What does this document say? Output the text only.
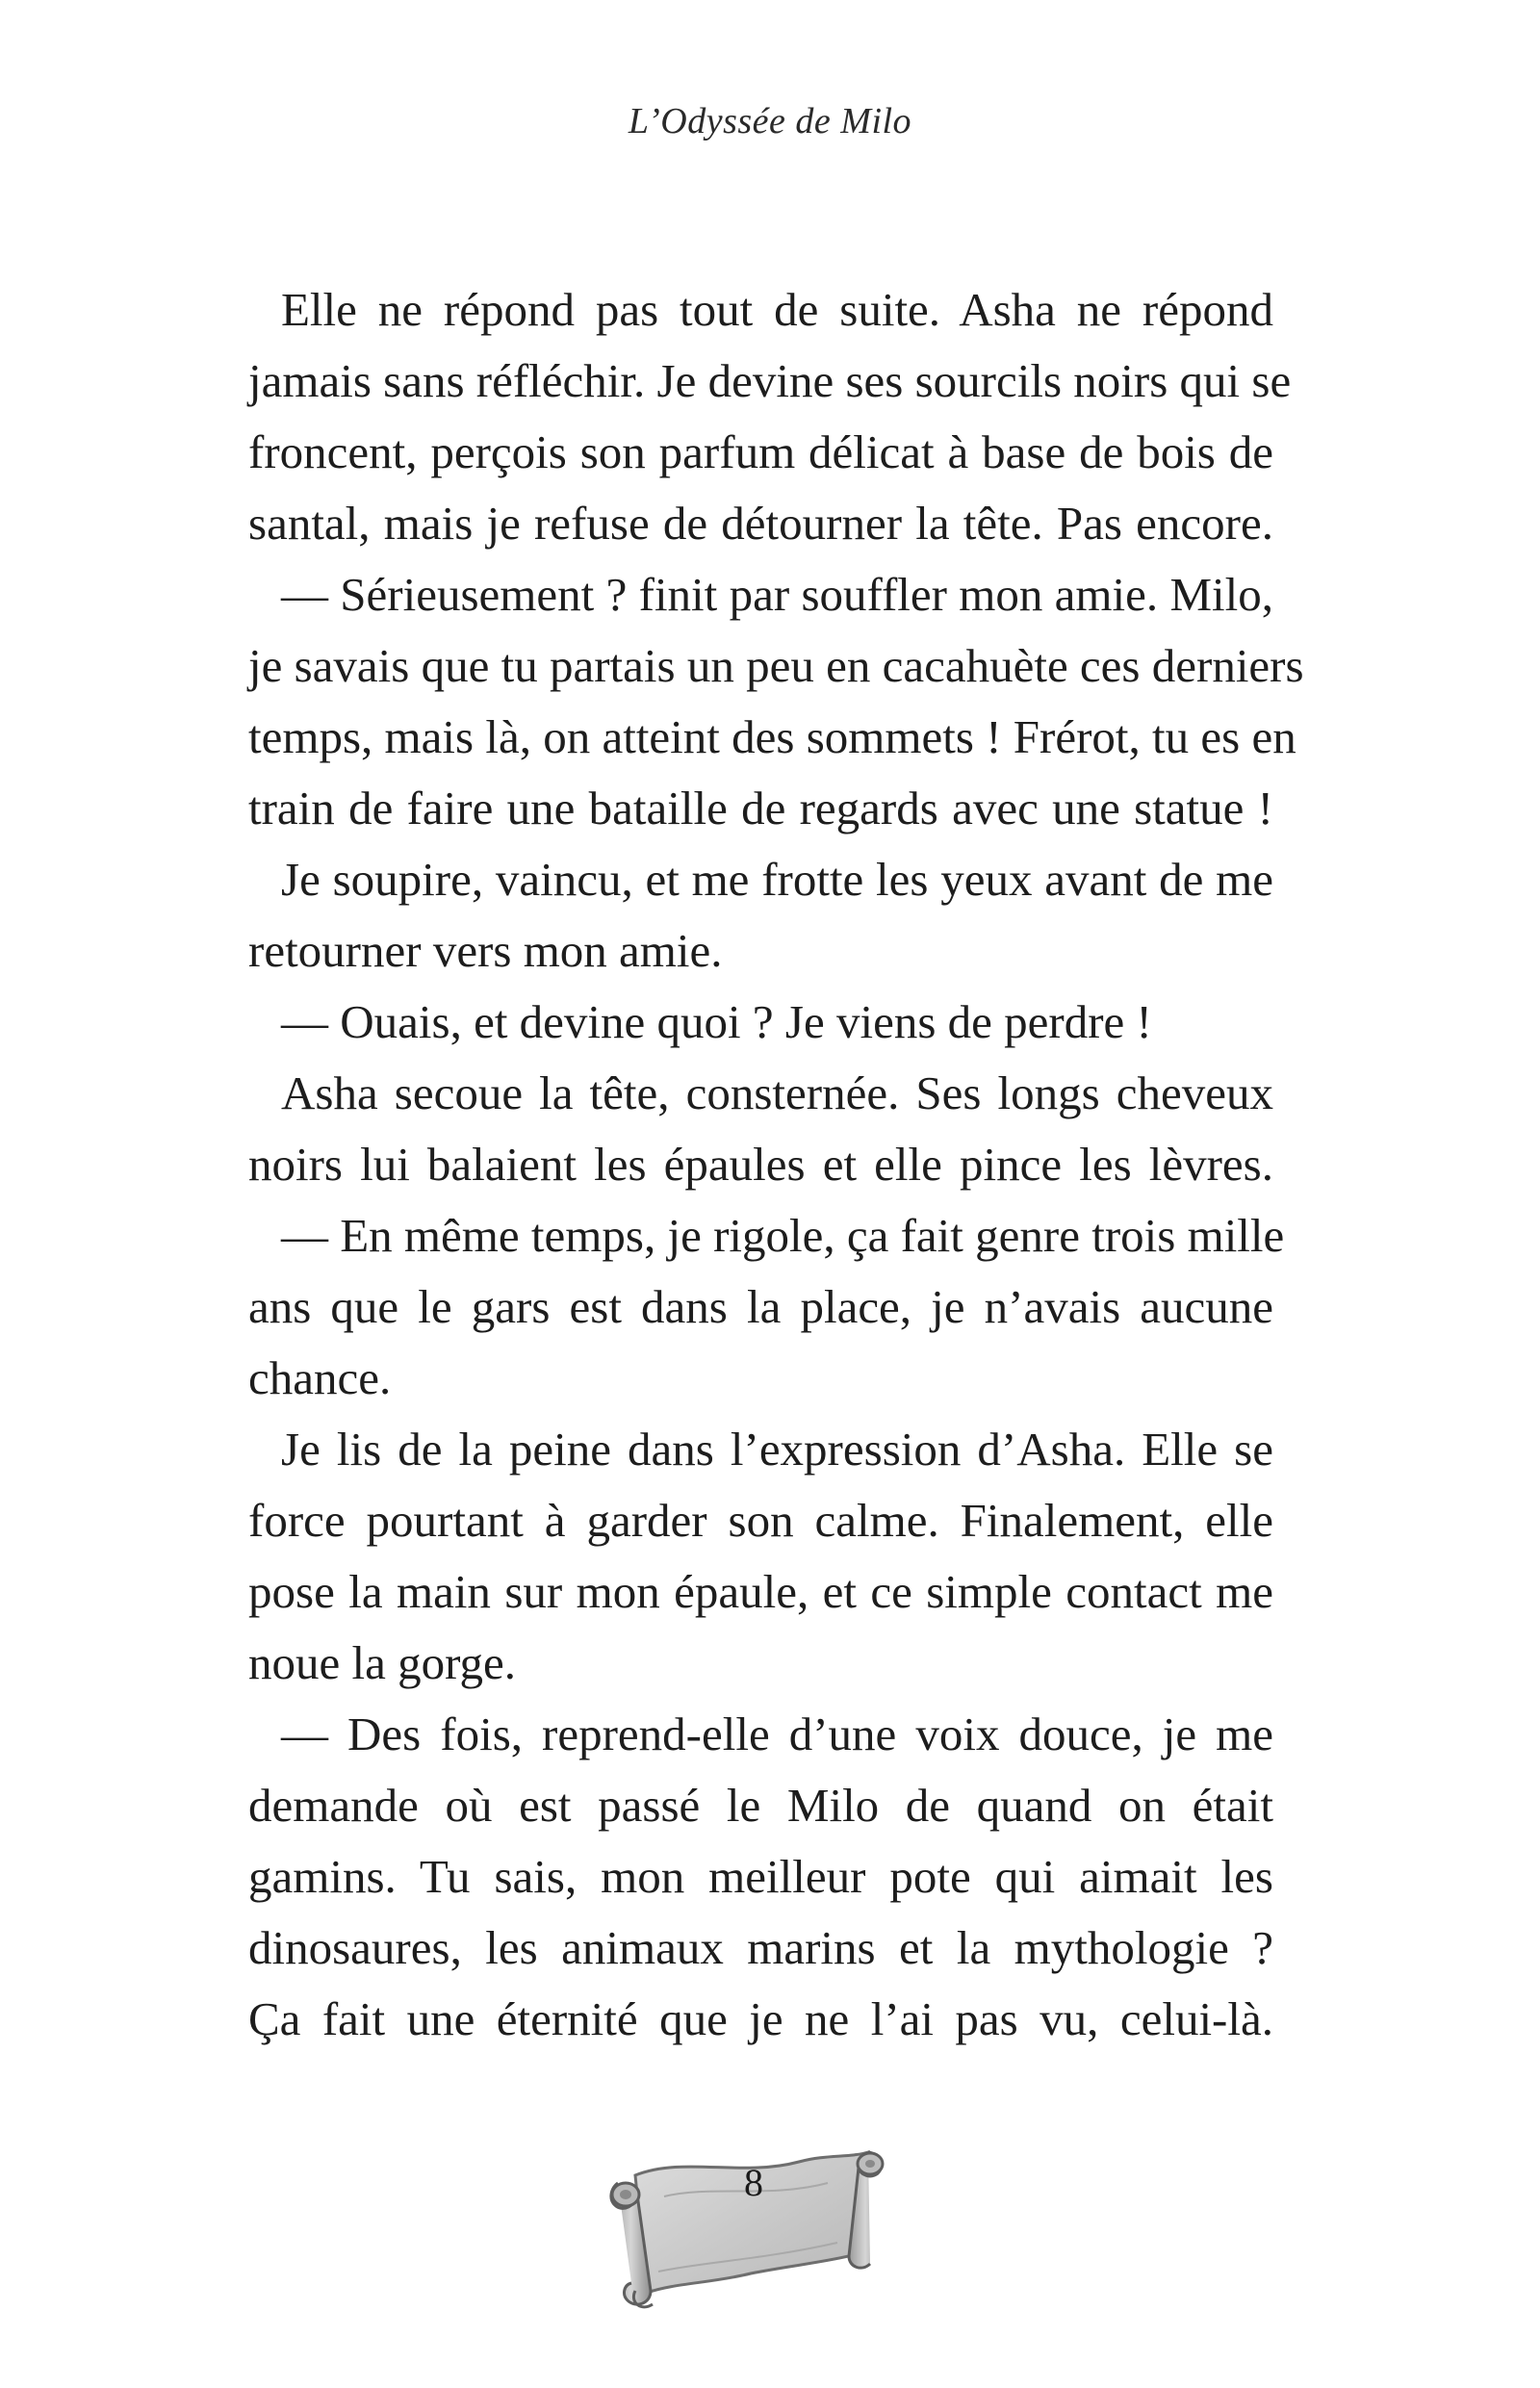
L’Odyssée de Milo
Elle ne répond pas tout de suite. Asha ne répond
jamais sans réfléchir. Je devine ses sourcils noirs qui se
froncent, perçois son parfum délicat à base de bois de
santal, mais je refuse de détourner la tête. Pas encore.
— Sérieusement ? finit par souffler mon amie. Milo,
je savais que tu partais un peu en cacahuète ces derniers
temps, mais là, on atteint des sommets ! Frérot, tu es en
train de faire une bataille de regards avec une statue !
Je soupire, vaincu, et me frotte les yeux avant de me
retourner vers mon amie.
— Ouais, et devine quoi ? Je viens de perdre !
Asha secoue la tête, consternée. Ses longs cheveux
noirs lui balaient les épaules et elle pince les lèvres.
— En même temps, je rigole, ça fait genre trois mille
ans que le gars est dans la place, je n’avais aucune
chance.
Je lis de la peine dans l’expression d’Asha. Elle se
force pourtant à garder son calme. Finalement, elle
pose la main sur mon épaule, et ce simple contact me
noue la gorge.
— Des fois, reprend-elle d’une voix douce, je me
demande où est passé le Milo de quand on était
gamins. Tu sais, mon meilleur pote qui aimait les
dinosaures, les animaux marins et la mythologie ?
Ça fait une éternité que je ne l’ai pas vu, celui-là.
8
